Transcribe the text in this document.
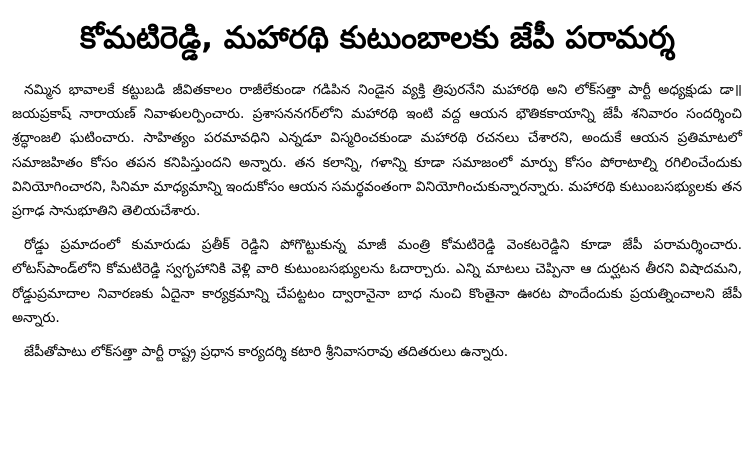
కోమటిరెడ్డి, మహారథి కుటుంబాలకు జేపీ పరామర్శ

నమ్మిన భావాలకే కట్టుబడి జీవితకాలం రాజీలేకుండా గడిపిన నిండైన వ్యక్తి త్రిపురనేని మహారథి అని లోక్‌సత్తా పార్టీ అధ్యక్షుడు డా॥ జయప్రకాష్ నారాయణ్ నివాళులర్పించారు. ప్రశాసననగర్‌లోని మహారథి ఇంటి వద్ద ఆయన భౌతికకాయాన్ని జేపీ శనివారం సందర్శించి శ్రద్ధాంజలి ఘటించారు. సాహిత్యం పరమావధిని ఎన్నడూ విస్మరించకుండా మహారథి రచనలు చేశారని, అందుకే ఆయన ప్రతిమాటలో సమాజహితం కోసం తపన కనిపిస్తుందని అన్నారు. తన కలాన్ని, గళాన్ని కూడా సమాజంలో మార్పు కోసం పోరాటాల్ని రగిలించేందుకు వినియోగించారని, సినిమా మాధ్యమాన్ని ఇందుకోసం ఆయన సమర్థవంతంగా వినియోగించుకున్నారన్నారు. మహారథి కుటుంబసభ్యులకు తన ప్రగాఢ సానుభూతిని తెలియచేశారు.

రోడ్డు ప్రమాదంలో కుమారుడు ప్రతీక్ రెడ్డిని పోగొట్టుకున్న మాజీ మంత్రి కోమటిరెడ్డి వెంకటరెడ్డిని కూడా జేపీ పరామర్శించారు. లోటస్‌పాండ్‌లోని కోమటిరెడ్డి స్వగృహానికి వెళ్లి వారి కుటుంబసభ్యులను ఓదార్చారు. ఎన్ని మాటలు చెప్పినా ఆ దుర్ఘటన తీరని విషాదమని, రోడ్డుప్రమాదాల నివారణకు ఏదైనా కార్యక్రమాన్ని చేపట్టటం ద్వారానైనా బాధ నుంచి కొంతైనా ఊరట పొందేందుకు ప్రయత్నించాలని జేపీ అన్నారు.

జేపీతోపాటు లోక్‌సత్తా పార్టీ రాష్ట్ర ప్రధాన కార్యదర్శి కటారి శ్రీనివాసరావు తదితరులు ఉన్నారు.
